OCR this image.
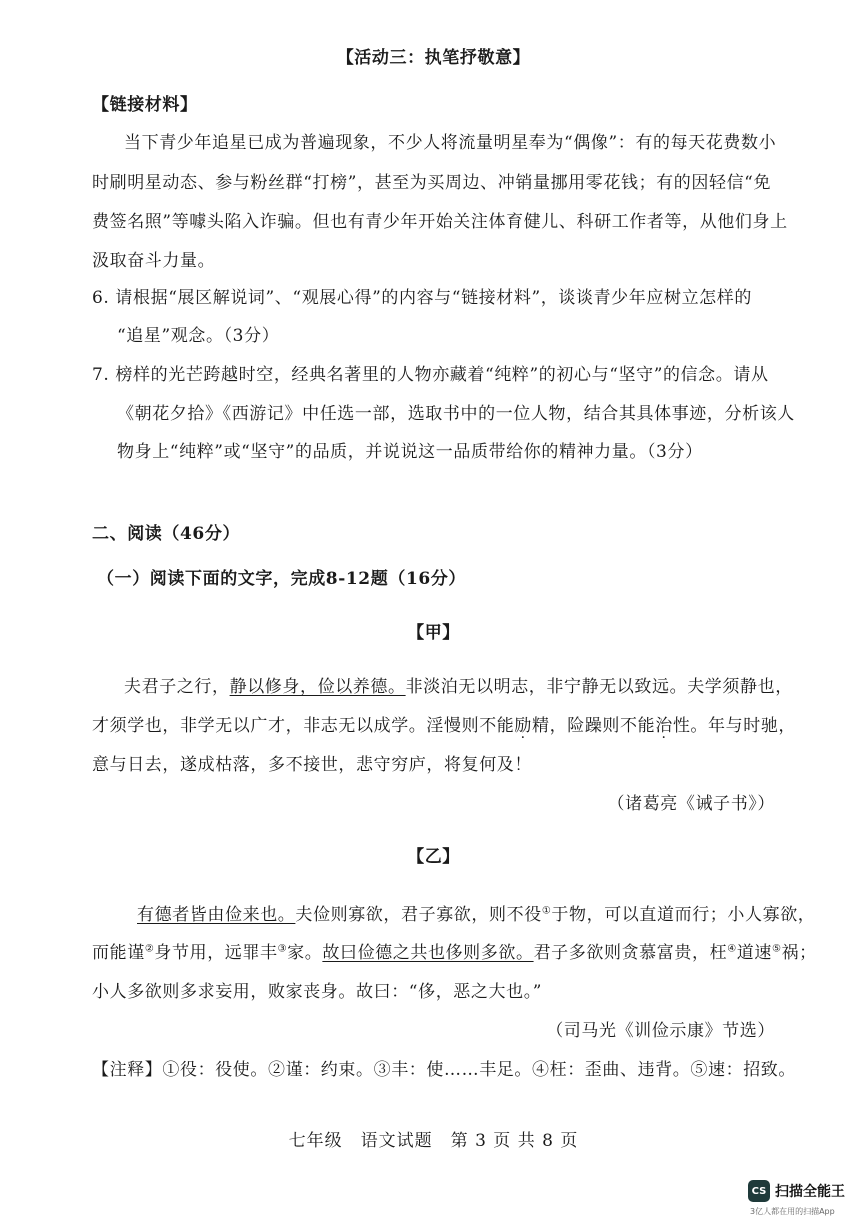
【活动三：执笔抒敬意】
【链接材料】
当下青少年追星已成为普遍现象，不少人将流量明星奉为“偶像”：有的每天花费数小
时刷明星动态、参与粉丝群“打榜”，甚至为买周边、冲销量挪用零花钱；有的因轻信“免
费签名照”等噱头陷入诈骗。但也有青少年开始关注体育健儿、科研工作者等，从他们身上
汲取奋斗力量。
6. 请根据“展区解说词”、“观展心得”的内容与“链接材料”，谈谈青少年应树立怎样的
“追星”观念。（3分）
7. 榜样的光芒跨越时空，经典名著里的人物亦藏着“纯粹”的初心与“坚守”的信念。请从
《朝花夕拾》《西游记》中任选一部，选取书中的一位人物，结合其具体事迹，分析该人
物身上“纯粹”或“坚守”的品质，并说说这一品质带给你的精神力量。（3分）
二、阅读（46分）
（一）阅读下面的文字，完成8-12题（16分）
【甲】
夫君子之行，静以修身，俭以养德。非淡泊无以明志，非宁静无以致远。夫学须静也，
才须学也，非学无以广才，非志无以成学。淫慢则不能励精，险躁则不能治性。年与时驰，
意与日去，遂成枯落，多不接世，悲守穷庐，将复何及！
（诸葛亮《诫子书》）
【乙】
有德者皆由俭来也。夫俭则寡欲，君子寡欲，则不役①于物，可以直道而行；小人寡欲，
而能谨②身节用，远罪丰③家。故曰俭德之共也侈则多欲。君子多欲则贪慕富贵，枉④道速⑤祸；
小人多欲则多求妄用，败家丧身。故曰：“侈，恶之大也。”
（司马光《训俭示康》节选）
【注释】①役：役使。②谨：约束。③丰：使……丰足。④枉：歪曲、违背。⑤速：招致。
七年级　语文试题　第 3 页 共 8 页
CS 扫描全能王
3亿人都在用的扫描App
